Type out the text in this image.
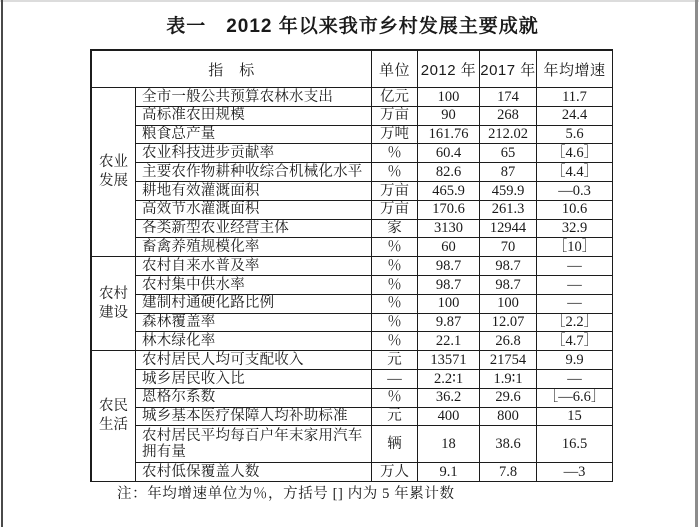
表一　2012 年以来我市乡村发展主要成就
指　标		单位	2012 年	2017 年	年均增速
农业发展	全市一般公共预算农林水支出	亿元	100	174	11.7
	高标准农田规模	万亩	90	268	24.4
	粮食总产量	万吨	161.76	212.02	5.6
	农业科技进步贡献率	％	60.4	65	［4.6］
	主要农作物耕种收综合机械化水平	％	82.6	87	［4.4］
	耕地有效灌溉面积	万亩	465.9	459.9	—0.3
	高效节水灌溉面积	万亩	170.6	261.3	10.6
	各类新型农业经营主体	家	3130	12944	32.9
	畜禽养殖规模化率	％	60	70	［10］
农村建设	农村自来水普及率	％	98.7	98.7	—
	农村集中供水率	％	98.7	98.7	—
	建制村通硬化路比例	％	100	100	—
	森林覆盖率	％	9.87	12.07	［2.2］
	林木绿化率	％	22.1	26.8	［4.7］
农民生活	农村居民人均可支配收入	元	13571	21754	9.9
	城乡居民收入比	—	2.2∶1	1.9∶1	—
	恩格尔系数	％	36.2	29.6	［—6.6］
	城乡基本医疗保障人均补助标准	元	400	800	15
	农村居民平均每百户年末家用汽车拥有量	辆	18	38.6	16.5
	农村低保覆盖人数	万人	9.1	7.8	—3
注：年均增速单位为％，方括号 [] 内为 5 年累计数
